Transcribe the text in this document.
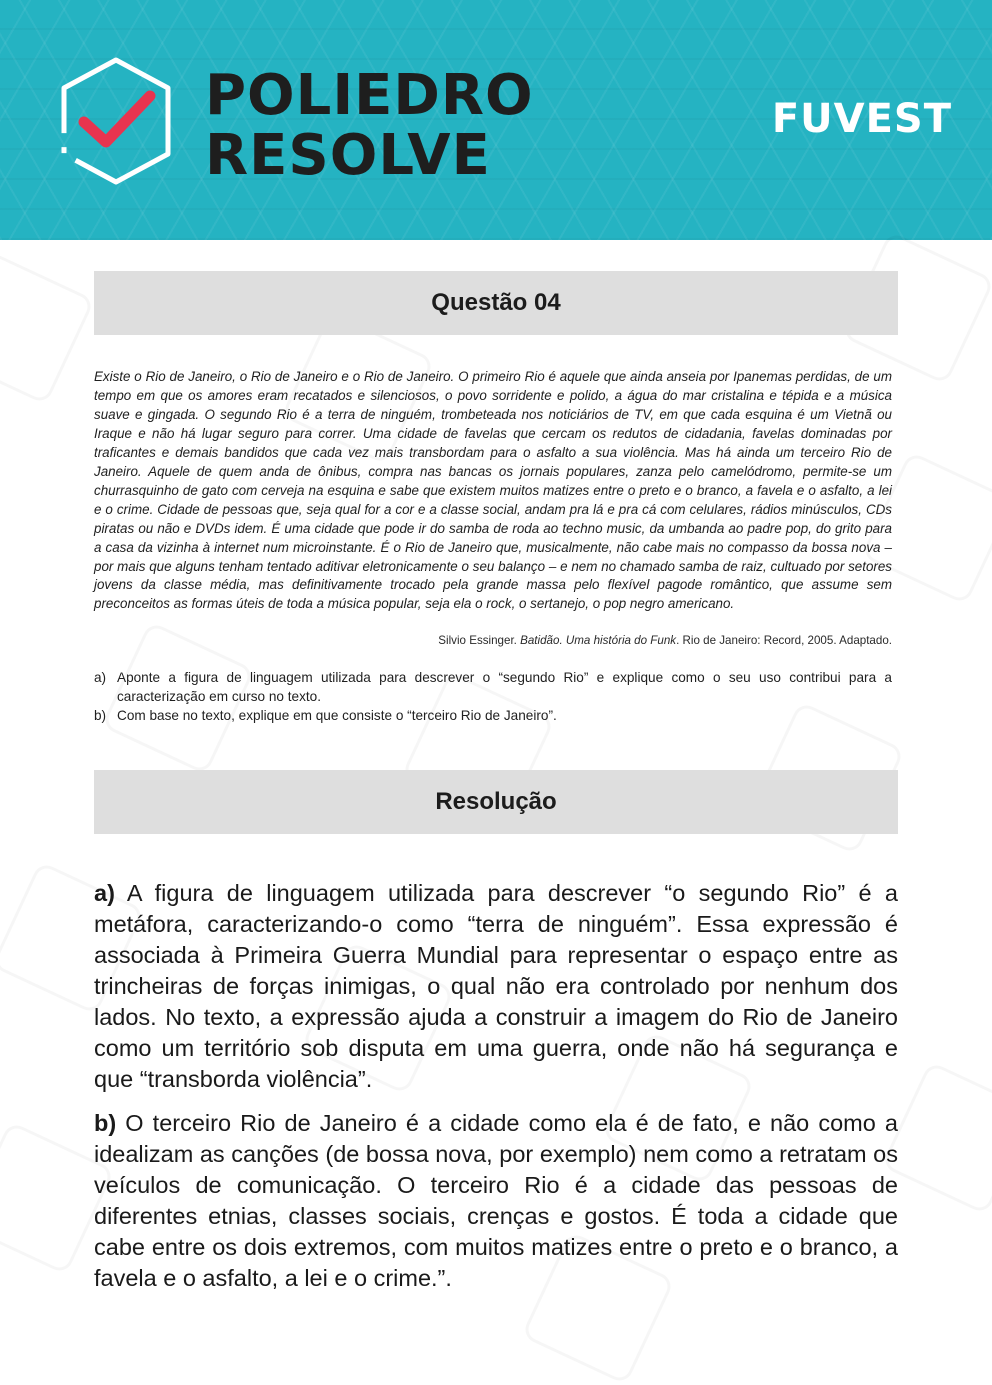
POLIEDRO
RESOLVE

FUVEST

Questão 04

Existe o Rio de Janeiro, o Rio de Janeiro e o Rio de Janeiro. O primeiro Rio é aquele que ainda anseia por Ipanemas perdidas, de um tempo em que os amores eram recatados e silenciosos, o povo sorridente e polido, a água do mar cristalina e tépida e a música suave e gingada. O segundo Rio é a terra de ninguém, trombeteada nos noticiários de TV, em que cada esquina é um Vietnã ou Iraque e não há lugar seguro para correr. Uma cidade de favelas que cercam os redutos de cidadania, favelas dominadas por traficantes e demais bandidos que cada vez mais transbordam para o asfalto a sua violência. Mas há ainda um terceiro Rio de Janeiro. Aquele de quem anda de ônibus, compra nas bancas os jornais populares, zanza pelo camelódromo, permite-se um churrasquinho de gato com cerveja na esquina e sabe que existem muitos matizes entre o preto e o branco, a favela e o asfalto, a lei e o crime. Cidade de pessoas que, seja qual for a cor e a classe social, andam pra lá e pra cá com celulares, rádios minúsculos, CDs piratas ou não e DVDs idem. É uma cidade que pode ir do samba de roda ao techno music, da umbanda ao padre pop, do grito para a casa da vizinha à internet num microinstante. É o Rio de Janeiro que, musicalmente, não cabe mais no compasso da bossa nova – por mais que alguns tenham tentado aditivar eletronicamente o seu balanço – e nem no chamado samba de raiz, cultuado por setores jovens da classe média, mas definitivamente trocado pela grande massa pelo flexível pagode romântico, que assume sem preconceitos as formas úteis de toda a música popular, seja ela o rock, o sertanejo, o pop negro americano.

Silvio Essinger. Batidão. Uma história do Funk. Rio de Janeiro: Record, 2005. Adaptado.

a) Aponte a figura de linguagem utilizada para descrever o “segundo Rio” e explique como o seu uso contribui para a caracterização em curso no texto.
b) Com base no texto, explique em que consiste o “terceiro Rio de Janeiro”.
Resolução

a) A figura de linguagem utilizada para descrever “o segundo Rio” é a metáfora, caracterizando-o como “terra de ninguém”. Essa expressão é associada à Primeira Guerra Mundial para representar o espaço entre as trincheiras de forças inimigas, o qual não era controlado por nenhum dos lados. No texto, a expressão ajuda a construir a imagem do Rio de Janeiro como um território sob disputa em uma guerra, onde não há segurança e que “transborda violência”.

b) O terceiro Rio de Janeiro é a cidade como ela é de fato, e não como a idealizam as canções (de bossa nova, por exemplo) nem como a retratam os veículos de comunicação. O terceiro Rio é a cidade das pessoas de diferentes etnias, classes sociais, crenças e gostos. É toda a cidade que cabe entre os dois extremos, com muitos matizes entre o preto e o branco, a favela e o asfalto, a lei e o crime.”.
